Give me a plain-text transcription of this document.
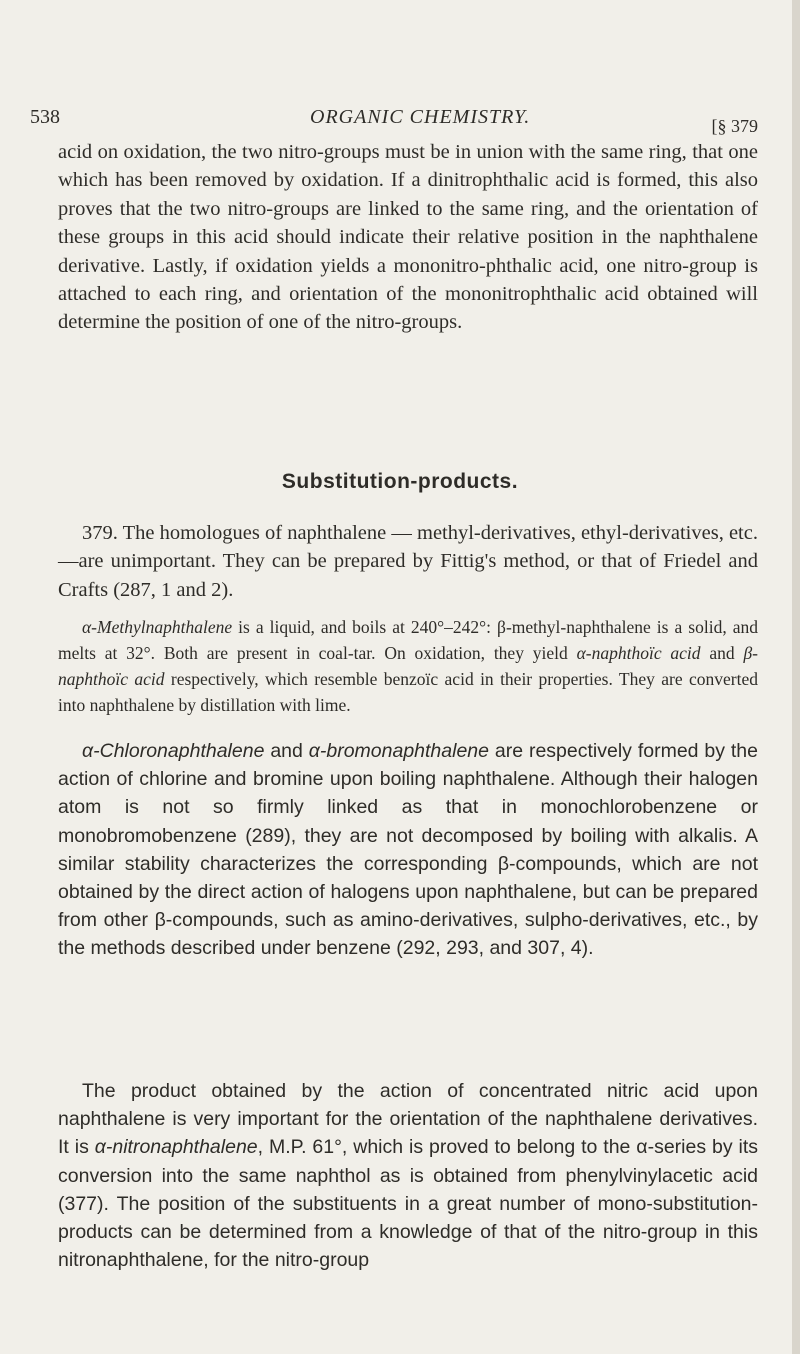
538	ORGANIC CHEMISTRY.	[§ 379
acid on oxidation, the two nitro-groups must be in union with the same ring, that one which has been removed by oxidation. If a dinitrophthalic acid is formed, this also proves that the two nitro-groups are linked to the same ring, and the orientation of these groups in this acid should indicate their relative position in the naphthalene derivative. Lastly, if oxidation yields a mononitro-phthalic acid, one nitro-group is attached to each ring, and orientation of the mononitrophthalic acid obtained will determine the position of one of the nitro-groups.
Substitution-products.
379. The homologues of naphthalene — methyl-derivatives, ethyl-derivatives, etc.—are unimportant. They can be prepared by Fittig's method, or that of Friedel and Crafts (287, 1 and 2).
α-Methylnaphthalene is a liquid, and boils at 240°–242°: β-methyl-naphthalene is a solid, and melts at 32°. Both are present in coal-tar. On oxidation, they yield α-naphthoïc acid and β-naphthoïc acid respectively, which resemble benzoïc acid in their properties. They are converted into naphthalene by distillation with lime.
α-Chloronaphthalene and α-bromonaphthalene are respectively formed by the action of chlorine and bromine upon boiling naphthalene. Although their halogen atom is not so firmly linked as that in monochlorobenzene or monobromobenzene (289), they are not decomposed by boiling with alkalis. A similar stability characterizes the corresponding β-compounds, which are not obtained by the direct action of halogens upon naphthalene, but can be prepared from other β-compounds, such as amino-derivatives, sulpho-derivatives, etc., by the methods described under benzene (292, 293, and 307, 4).
The product obtained by the action of concentrated nitric acid upon naphthalene is very important for the orientation of the naphthalene derivatives. It is α-nitronaphthalene, M.P. 61°, which is proved to belong to the α-series by its conversion into the same naphthol as is obtained from phenylvinylacetic acid (377). The position of the substituents in a great number of mono-substitution-products can be determined from a knowledge of that of the nitro-group in this nitronaphthalene, for the nitro-group
